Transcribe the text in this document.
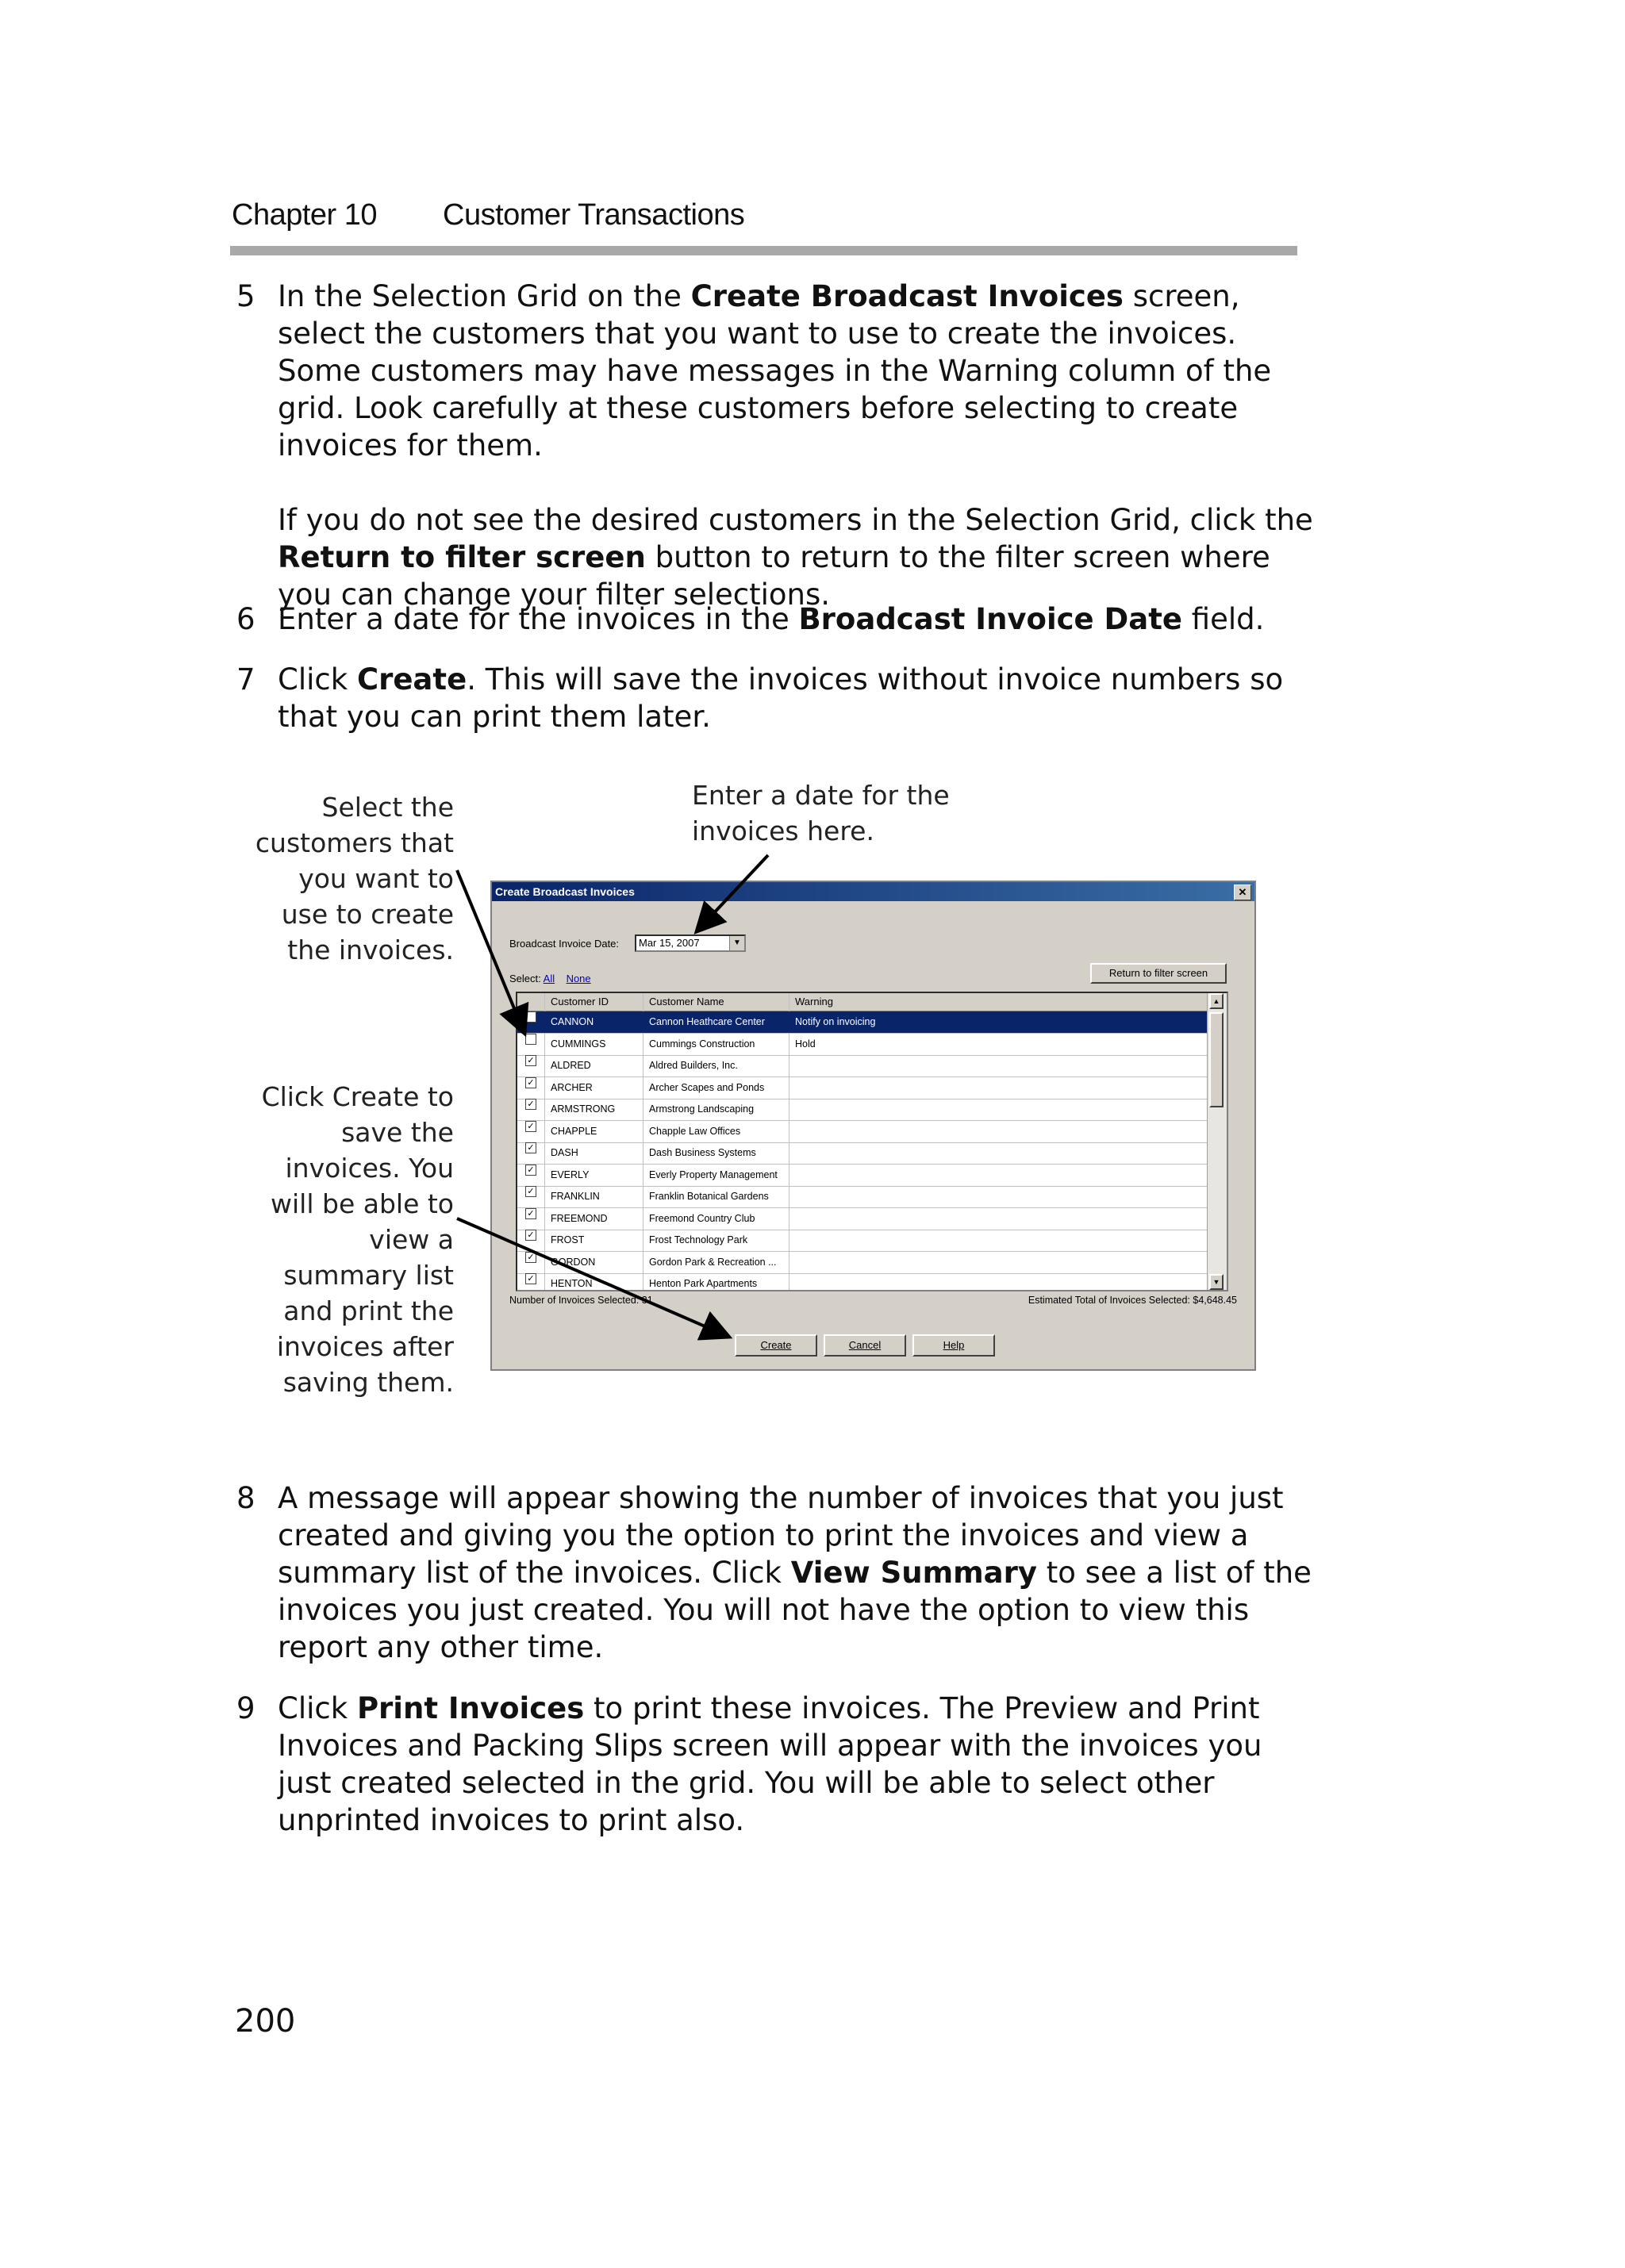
Chapter 10 Customer Transactions
5 In the Selection Grid on the Create Broadcast Invoices screen, select the customers that you want to use to create the invoices. Some customers may have messages in the Warning column of the grid. Look carefully at these customers before selecting to create invoices for them.

If you do not see the desired customers in the Selection Grid, click the Return to filter screen button to return to the filter screen where you can change your filter selections.

6 Enter a date for the invoices in the Broadcast Invoice Date field.

7 Click Create. This will save the invoices without invoice numbers so that you can print them later.

Select the
customers that
you want to
use to create
the invoices.
Enter a date for the
invoices here.
Click Create to
save the
invoices. You
will be able to
view a
summary list
and print the
invoices after
saving them.
Create Broadcast Invoices	✕
Broadcast Invoice Date:	Mar 15, 2007	▼
Select: All None	Return to filter screen
Customer ID	Customer Name	Warning
CANNON	Cannon Heathcare Center	Notify on invoicing
CUMMINGS	Cummings Construction	Hold
✓ ALDRED	Aldred Builders, Inc.
✓ ARCHER	Archer Scapes and Ponds
✓ ARMSTRONG	Armstrong Landscaping
✓ CHAPPLE	Chapple Law Offices
✓ DASH	Dash Business Systems
✓ EVERLY	Everly Property Management
✓ FRANKLIN	Franklin Botanical Gardens
✓ FREEMOND	Freemond Country Club
✓ FROST	Frost Technology Park
✓ GORDON	Gordon Park & Recreation ...
✓ HENTON	Henton Park Apartments
▲
▼
Number of Invoices Selected: 31	Estimated Total of Invoices Selected: $4,648.45
Create	Cancel	Help
8 A message will appear showing the number of invoices that you just created and giving you the option to print the invoices and view a summary list of the invoices. Click View Summary to see a list of the invoices you just created. You will not have the option to view this report any other time.

9 Click Print Invoices to print these invoices. The Preview and Print Invoices and Packing Slips screen will appear with the invoices you just created selected in the grid. You will be able to select other unprinted invoices to print also.

200
